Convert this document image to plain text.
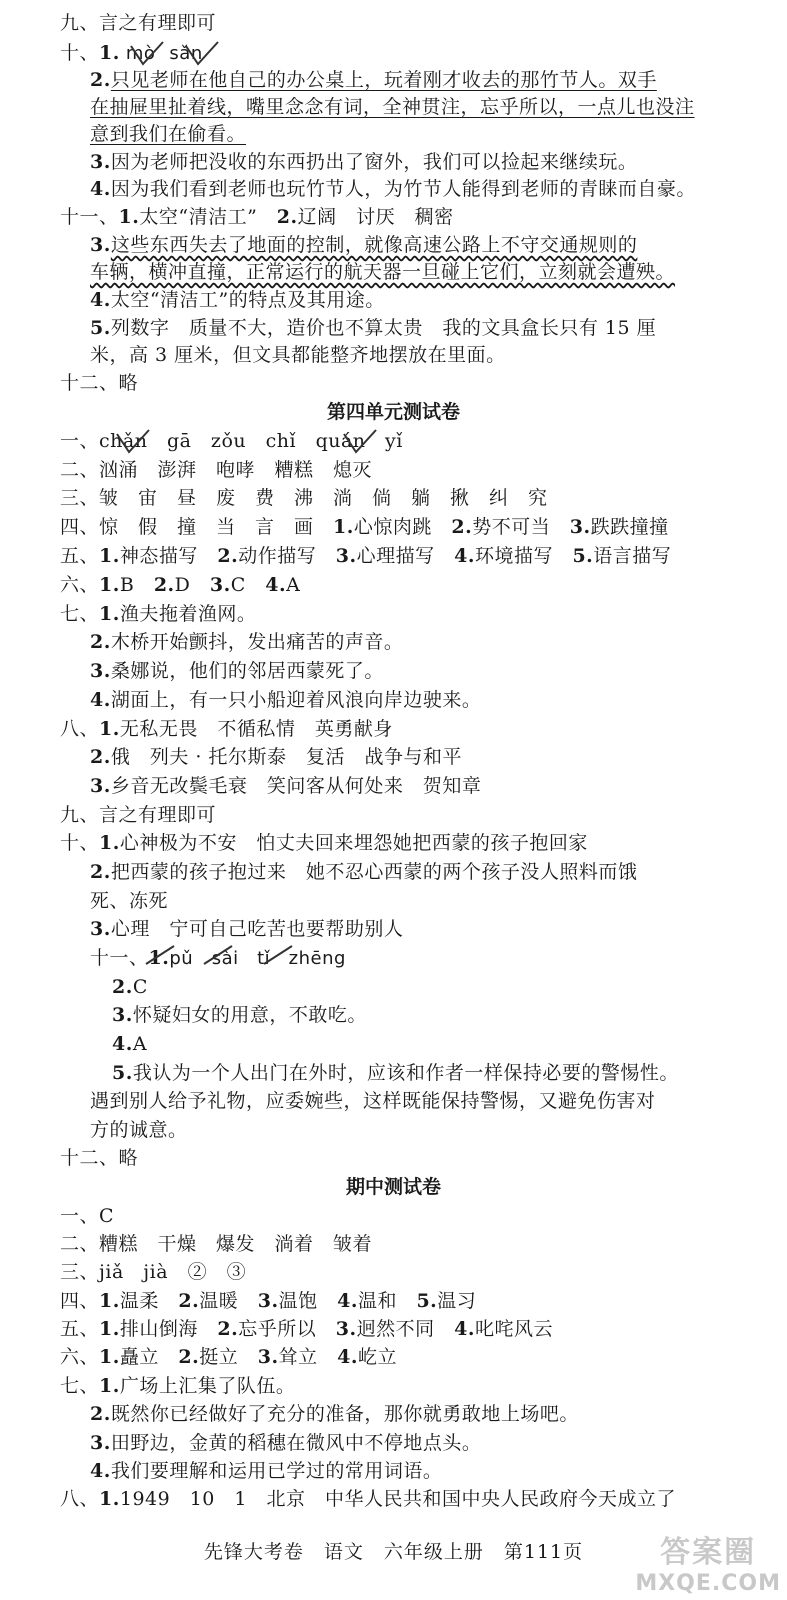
九、言之有理即可
十、1. mò sǎn
2.只见老师在他自己的办公桌上，玩着刚才收去的那竹节人。双手
在抽屉里扯着线，嘴里念念有词，全神贯注，忘乎所以，一点儿也没注
意到我们在偷看。
3.因为老师把没收的东西扔出了窗外，我们可以捡起来继续玩。
4.因为我们看到老师也玩竹节人，为竹节人能得到老师的青睐而自豪。
十一、1.太空“清洁工”　2.辽阔　讨厌　稠密
3.这些东西失去了地面的控制，就像高速公路上不守交通规则的
车辆，横冲直撞，正常运行的航天器一旦碰上它们，立刻就会遭殃。
4.太空“清洁工”的特点及其用途。
5.列数字　质量不大，造价也不算太贵　我的文具盒长只有 15 厘
米，高 3 厘米，但文具都能整齐地摆放在里面。
十二、略
一、chǎn　gā　zǒu　chǐ　quán　yǐ
二、汹涌　澎湃　咆哮　糟糕　熄灭
三、皱　宙　昼　废　费　沸　淌　倘　躺　揪　纠　究
四、惊　假　撞　当　言　画　1.心惊肉跳　2.势不可当　3.跌跌撞撞
五、1.神态描写　2.动作描写　3.心理描写　4.环境描写　5.语言描写
六、1.B　2.D　3.C　4.A
七、1.渔夫拖着渔网。
2.木桥开始颤抖，发出痛苦的声音。
3.桑娜说，他们的邻居西蒙死了。
4.湖面上，有一只小船迎着风浪向岸边驶来。
八、1.无私无畏　不循私情　英勇献身
2.俄　列夫 · 托尔斯泰　复活　战争与和平
3.乡音无改鬓毛衰　笑问客从何处来　贺知章
九、言之有理即可
十、1.心神极为不安　怕丈夫回来埋怨她把西蒙的孩子抱回家
2.把西蒙的孩子抱过来　她不忍心西蒙的两个孩子没人照料而饿
死、冻死
3.心理　宁可自己吃苦也要帮助别人
十一、1.pǔ　sài　tǐ　zhēng
2.C
3.怀疑妇女的用意，不敢吃。
4.A
5.我认为一个人出门在外时，应该和作者一样保持必要的警惕性。
遇到别人给予礼物，应委婉些，这样既能保持警惕，又避免伤害对
方的诚意。
十二、略
一、C
二、糟糕　干燥　爆发　淌着　皱着
三、jiǎ　jià　②　③
四、1.温柔　2.温暖　3.温饱　4.温和　5.温习
五、1.排山倒海　2.忘乎所以　3.迥然不同　4.叱咤风云
六、1.矗立　2.挺立　3.耸立　4.屹立
七、1.广场上汇集了队伍。
2.既然你已经做好了充分的准备，那你就勇敢地上场吧。
3.田野边，金黄的稻穗在微风中不停地点头。
4.我们要理解和运用已学过的常用词语。
八、1.1949　10　1　北京　中华人民共和国中央人民政府今天成立了
第四单元测试卷
期中测试卷
先锋大考卷　语文　六年级上册　第111页	答案圈
MXQE.COM
